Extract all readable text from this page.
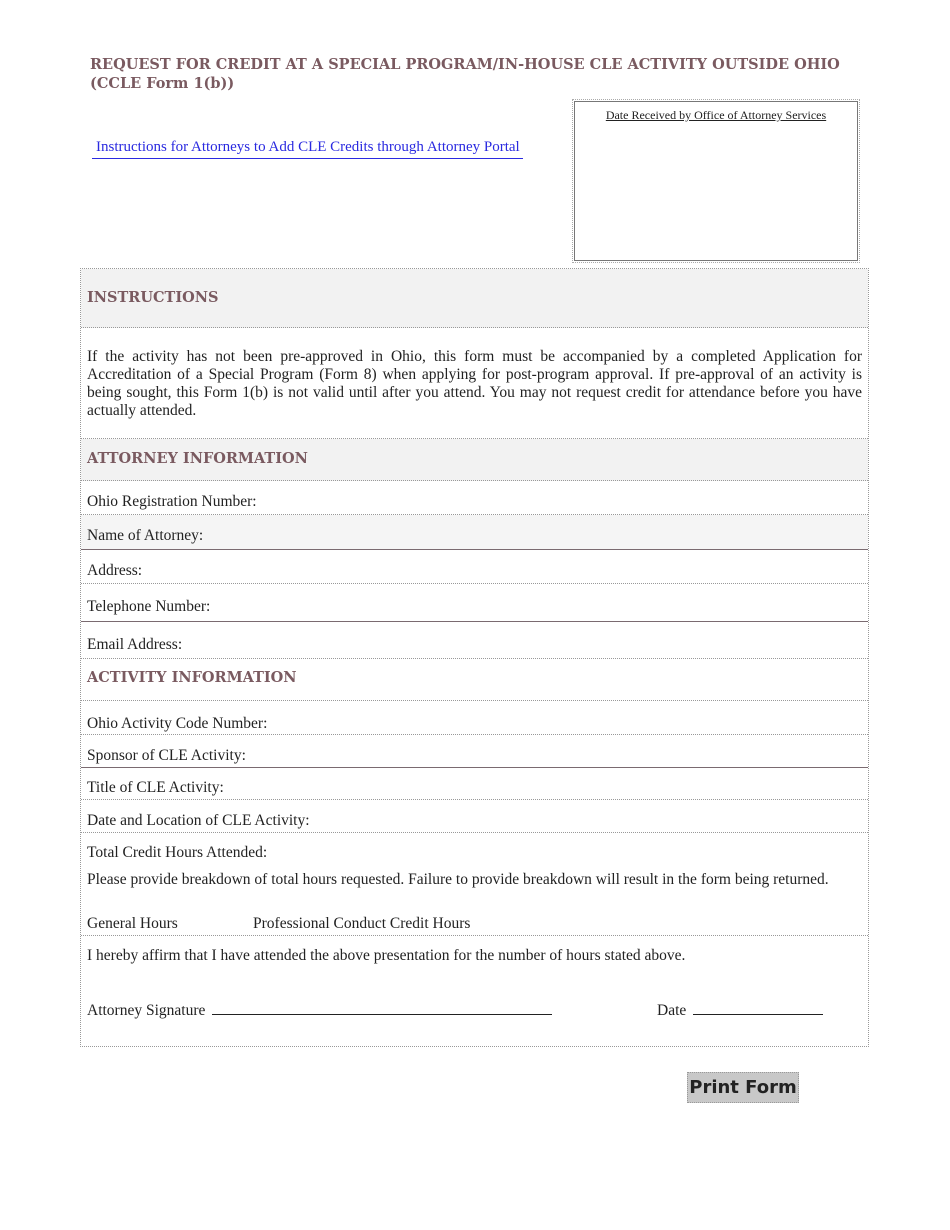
REQUEST FOR CREDIT AT A SPECIAL PROGRAM/IN-HOUSE CLE ACTIVITY OUTSIDE OHIO
(CCLE Form 1(b))
Instructions for Attorneys to Add CLE Credits through Attorney Portal
Date Received by Office of Attorney Services
INSTRUCTIONS
If the activity has not been pre-approved in Ohio, this form must be accompanied by a completed Application for Accreditation of a Special Program (Form 8) when applying for post-program approval. If pre-approval of an activity is being sought, this Form 1(b) is not valid until after you attend. You may not request credit for attendance before you have actually attended.
ATTORNEY INFORMATION
Ohio Registration Number:
Name of Attorney:
Address:
Telephone Number:
Email Address:
ACTIVITY INFORMATION
Ohio Activity Code Number:
Sponsor of CLE Activity:
Title of CLE Activity:
Date and Location of CLE Activity:
Total Credit Hours Attended:
Please provide breakdown of total hours requested. Failure to provide breakdown will result in the form being returned.
General Hours	Professional Conduct Credit Hours
I hereby affirm that I have attended the above presentation for the number of hours stated above.
Attorney Signature	Date
Print Form
